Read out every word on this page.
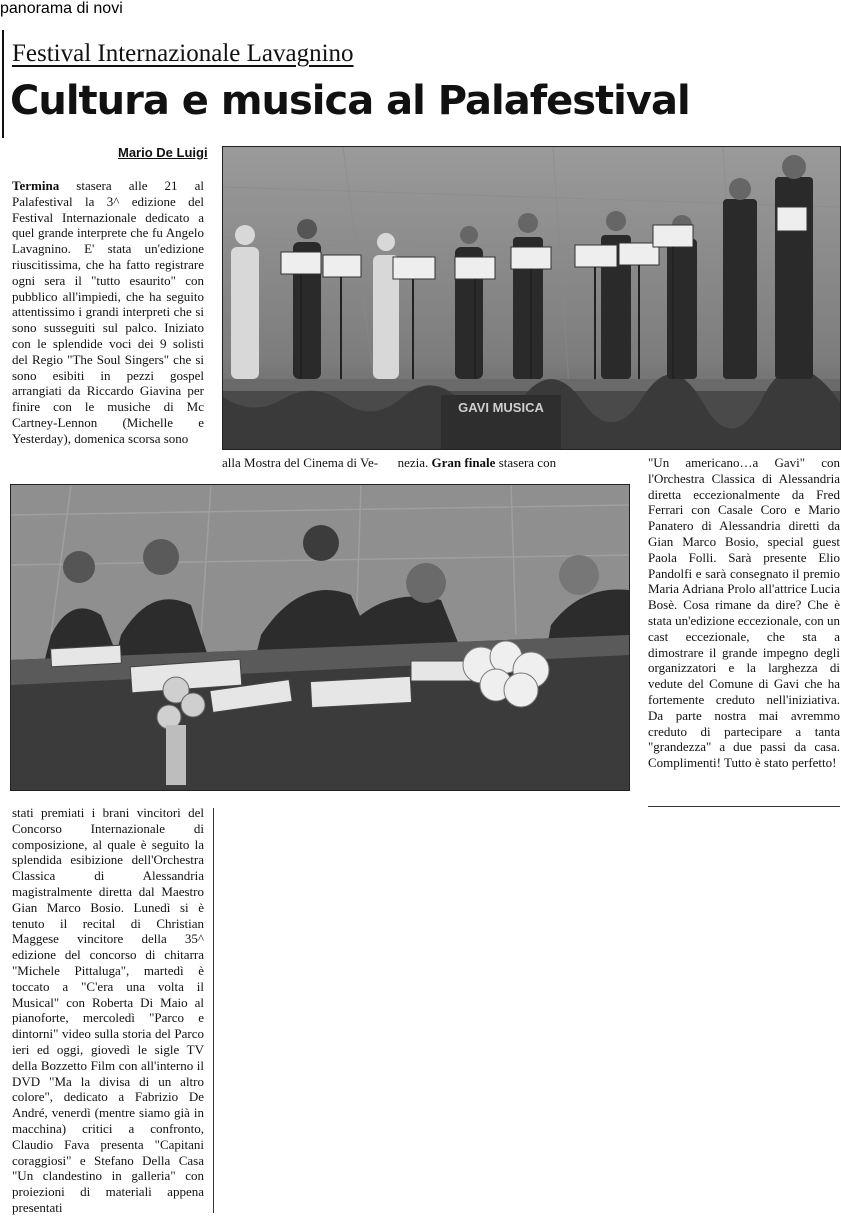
panorama di novi
Festival Internazionale Lavagnino
Cultura e musica al Palafestival
Mario De Luigi

Termina stasera alle 21 al Palafestival la 3^ edizione del Festival Internazionale dedicato a quel grande interprete che fu Angelo Lavagnino. E' stata un'edizione riuscitissima, che ha fatto registrare ogni sera il "tutto esaurito" con pubblico all'impiedi, che ha seguito attentissimo i grandi interpreti che si sono susseguiti sul palco. Iniziato con le splendide voci dei 9 solisti del Regio "The Soul Singers" che si sono esibiti in pezzi gospel arrangiati da Riccardo Giavina per finire con le musiche di Mc Cartney-Lennon (Michelle e Yesterday), domenica scorsa sono

GAVI MUSICA
alla Mostra del Cinema di Ve- nezia. Gran finale stasera con	"Un americano…a Gavi" con l'Orchestra Classica di Alessandria diretta eccezionalmente da Fred Ferrari con Casale Coro e Mario Panatero di Alessandria diretti da Gian Marco Bosio, special guest Paola Folli. Sarà presente Elio Pandolfi e sarà consegnato il premio Maria Adriana Prolo all'attrice Lucia Bosè. Cosa rimane da dire? Che è stata un'edizione eccezionale, con un cast eccezionale, che sta a dimostrare il grande impegno degli organizzatori e la larghezza di vedute del Comune di Gavi che ha fortemente creduto nell'iniziativa. Da parte nostra mai avremmo creduto di partecipare a tanta "grandezza" a due passi da casa. Complimenti! Tutto è stato perfetto!

stati premiati i brani vincitori del Concorso Internazionale di composizione, al quale è seguito la splendida esibizione dell'Orchestra Classica di Alessandria magistralmente diretta dal Maestro Gian Marco Bosio. Lunedì si è tenuto il recital di Christian Maggese vincitore della 35^ edizione del concorso di chitarra "Michele Pittaluga", martedì è toccato a "C'era una volta il Musical" con Roberta Di Maio al pianoforte, mercoledì "Parco e dintorni" video sulla storia del Parco ieri ed oggi, giovedì le sigle TV della Bozzetto Film con all'interno il DVD "Ma la divisa di un altro colore", dedicato a Fabrizio De André, venerdì (mentre siamo già in macchina) critici a confronto, Claudio Fava presenta "Capitani coraggiosi" e Stefano Della Casa "Un clandestino in galleria" con proiezioni di materiali appena presentati
